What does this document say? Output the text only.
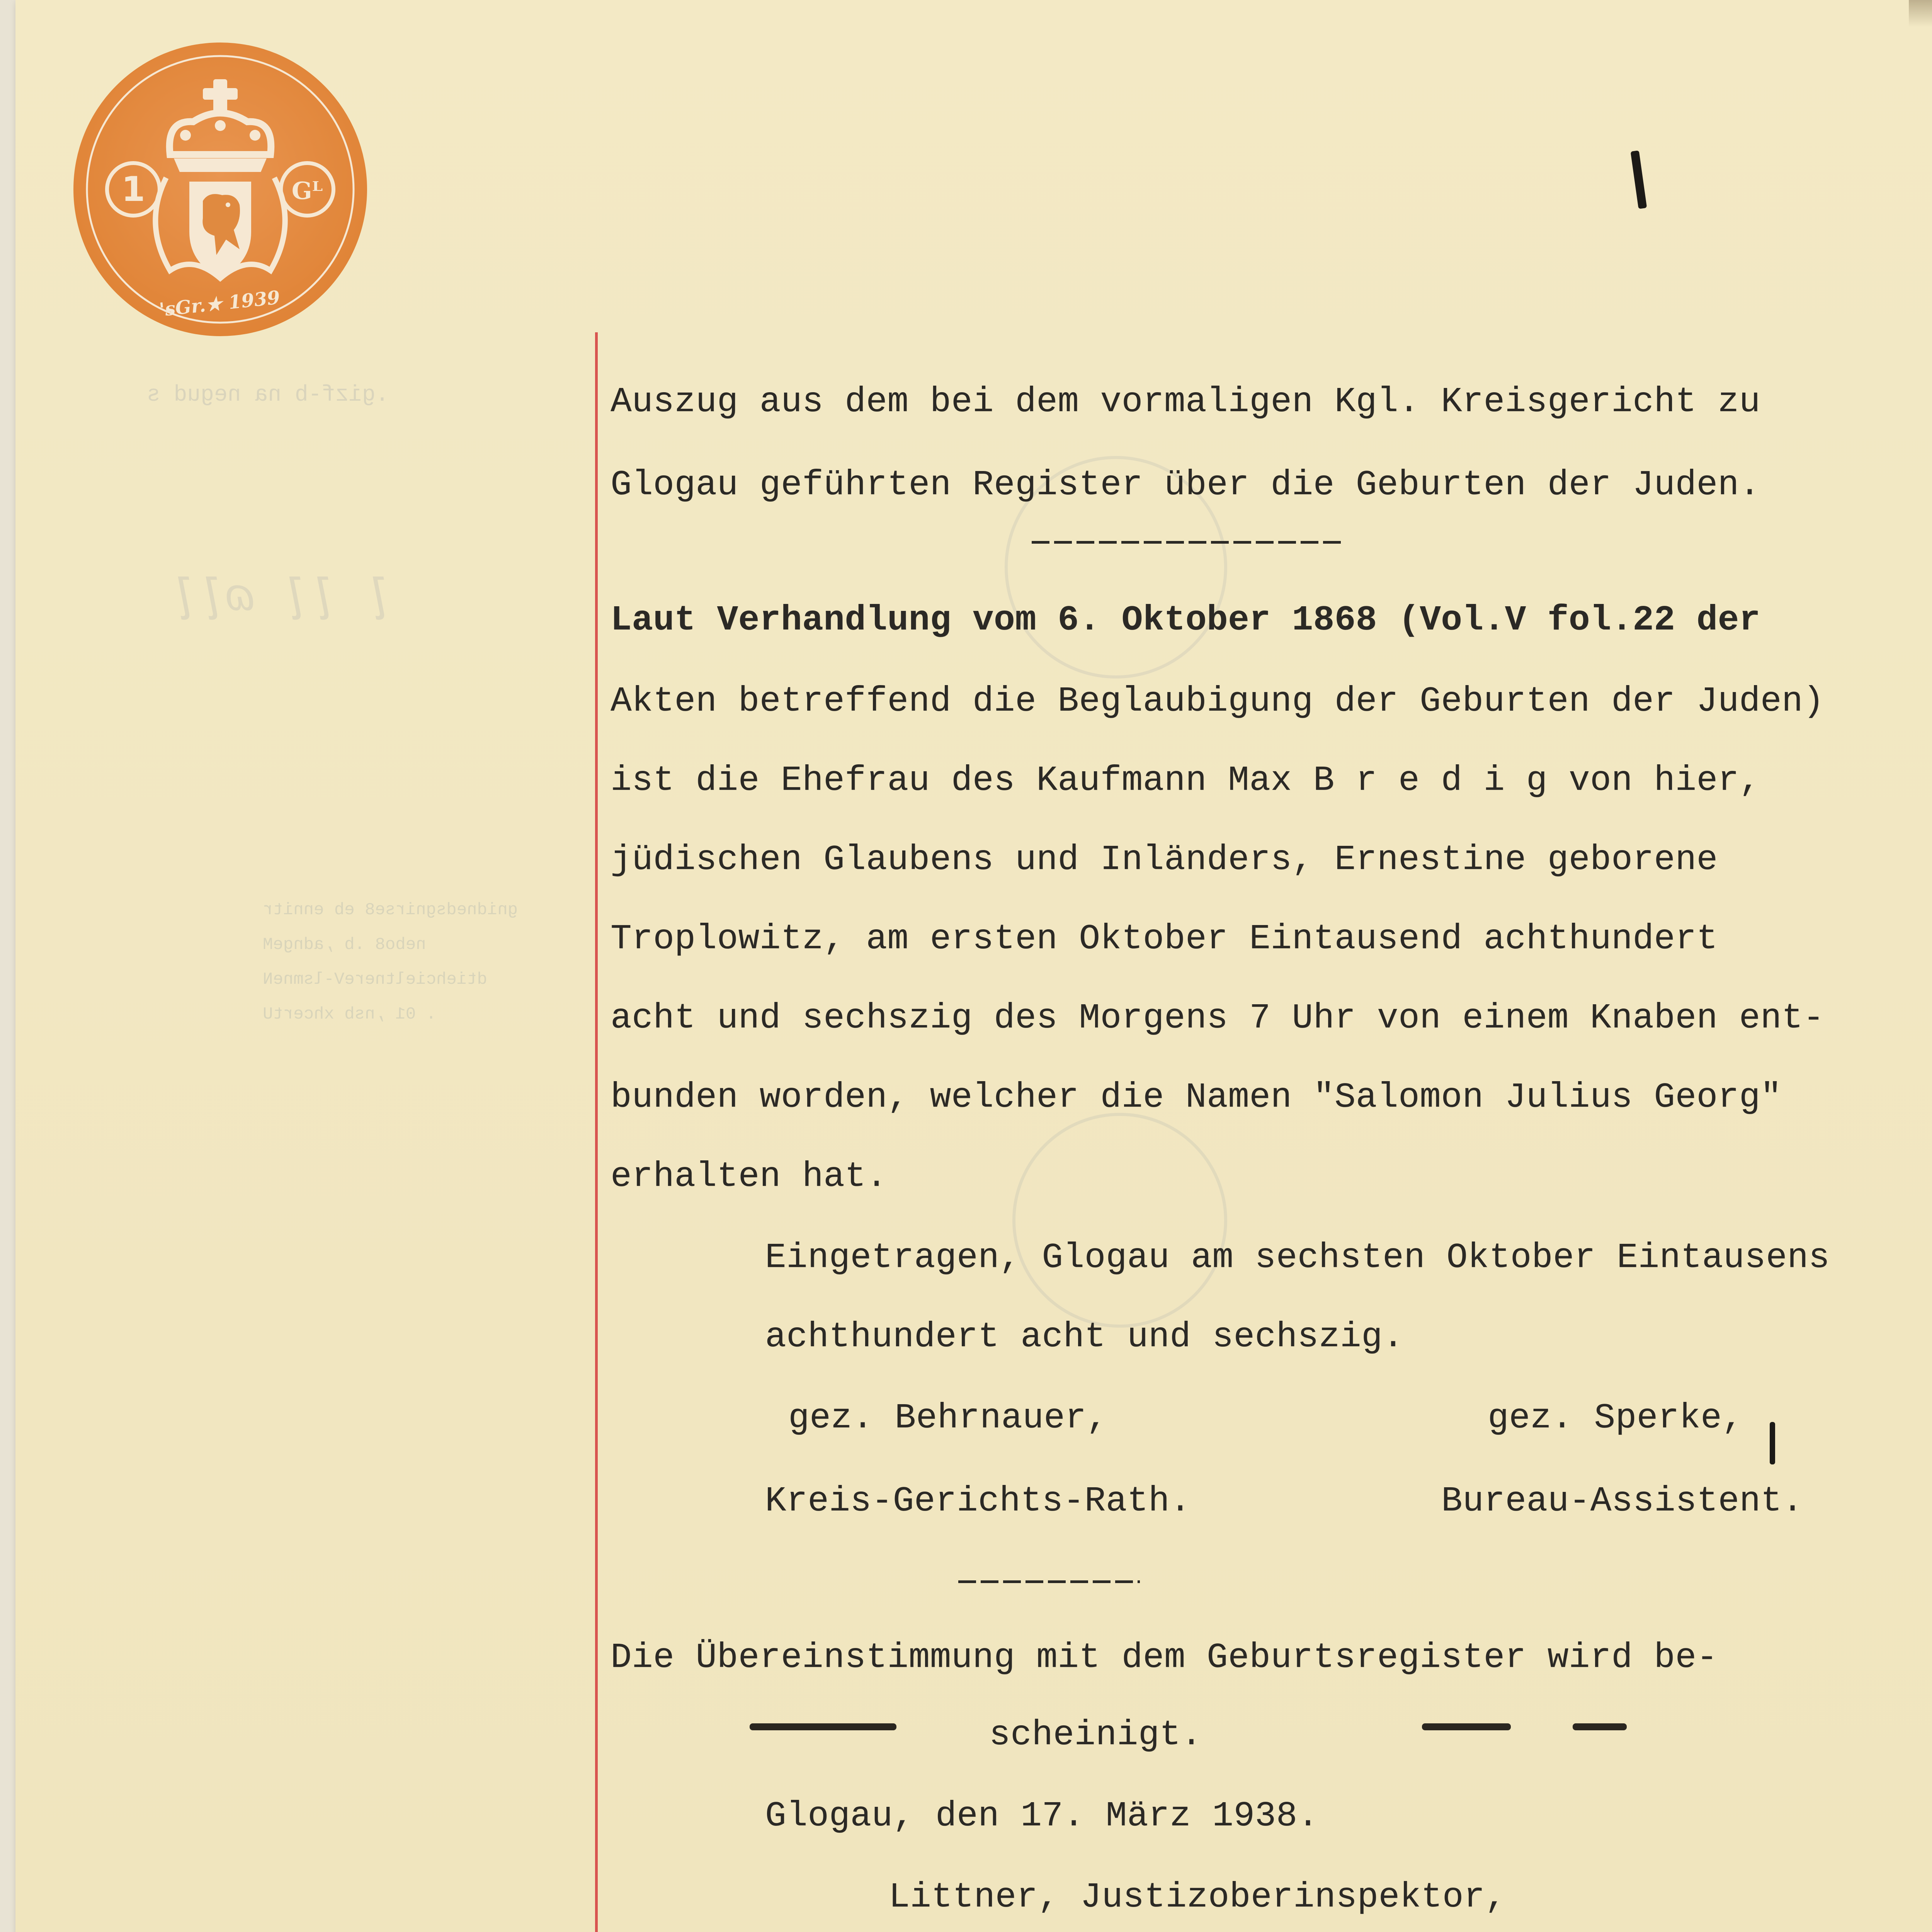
.gizf-b na negud s
gnidnedsgnirse8 eb ennitr
nebo8 .b ,adngeM
dtiehcieltnereV-lsmneN
. 01 ,nsb xhcertU
ɭ ɭɭ ɷɭɭ
1	Gᴸ
'sGr.★ 1939
Auszug aus dem bei dem vormaligen Kgl. Kreisgericht zu
Glogau geführten Register über die Geburten der Juden.
Laut Verhandlung vom 6. Oktober 1868 (Vol.V fol.22 der
Akten betreffend die Beglaubigung der Geburten der Juden)
ist die Ehefrau des Kaufmann Max B r e d i g von hier,
jüdischen Glaubens und Inländers, Ernestine geborene
Troplowitz, am ersten Oktober Eintausend achthundert
acht und sechszig des Morgens 7 Uhr von einem Knaben ent-
bunden worden, welcher die Namen "Salomon Julius Georg"
erhalten hat.
Eingetragen, Glogau am sechsten Oktober Eintausens
achthundert acht und sechszig.
gez. Behrnauer,	gez. Sperke,
Kreis-Gerichts-Rath.	Bureau-Assistent.
Die Übereinstimmung mit dem Geburtsregister wird be-
scheinigt.
Glogau, den 17. März 1938.
Littner, Justizoberinspektor,
